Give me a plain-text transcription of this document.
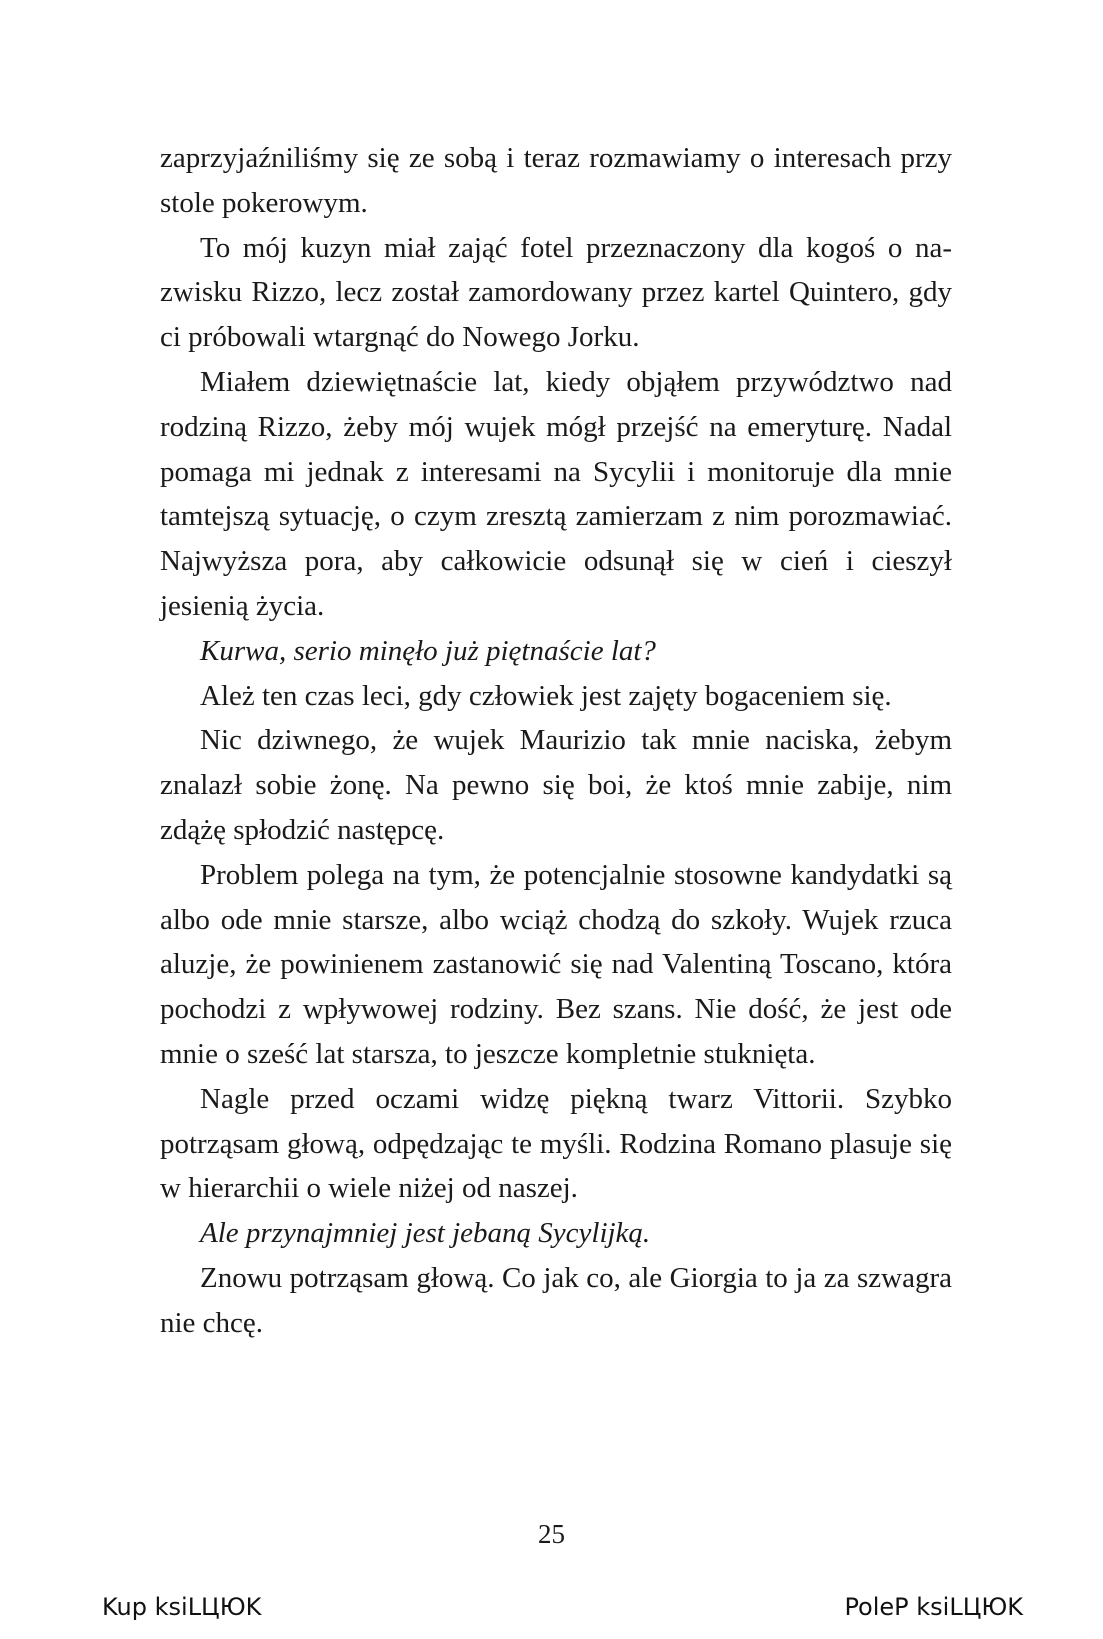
zaprzyjaźniliśmy się ze sobą i teraz rozmawiamy o interesach przy stole pokerowym.

To mój kuzyn miał zająć fotel przeznaczony dla kogoś o nazwisku Rizzo, lecz został zamordowany przez kartel Quintero, gdy ci próbowali wtargnąć do Nowego Jorku.

Miałem dziewiętnaście lat, kiedy objąłem przywództwo nad rodziną Rizzo, żeby mój wujek mógł przejść na emeryturę. Nadal pomaga mi jednak z interesami na Sycylii i monitoruje dla mnie tamtejszą sytuację, o czym zresztą zamierzam z nim porozmawiać. Najwyższa pora, aby całkowicie odsunął się w cień i cieszył jesienią życia.

Kurwa, serio minęło już piętnaście lat?

Ależ ten czas leci, gdy człowiek jest zajęty bogaceniem się.

Nic dziwnego, że wujek Maurizio tak mnie naciska, żebym znalazł sobie żonę. Na pewno się boi, że ktoś mnie zabije, nim zdążę spłodzić następcę.

Problem polega na tym, że potencjalnie stosowne kandydatki są albo ode mnie starsze, albo wciąż chodzą do szkoły. Wujek rzuca aluzje, że powinienem zastanowić się nad Valentiną Toscano, która pochodzi z wpływowej rodziny. Bez szans. Nie dość, że jest ode mnie o sześć lat starsza, to jeszcze kompletnie stuknięta.

Nagle przed oczami widzę piękną twarz Vittorii. Szybko potrząsam głową, odpędzając te myśli. Rodzina Romano plasuje się w hierarchii o wiele niżej od naszej.

Ale przynajmniej jest jebaną Sycylijką.

Znowu potrząsam głową. Co jak co, ale Giorgia to ja za szwagra nie chcę.

25
Kup ksiLЦЮK	PoleP ksiLЦЮK
